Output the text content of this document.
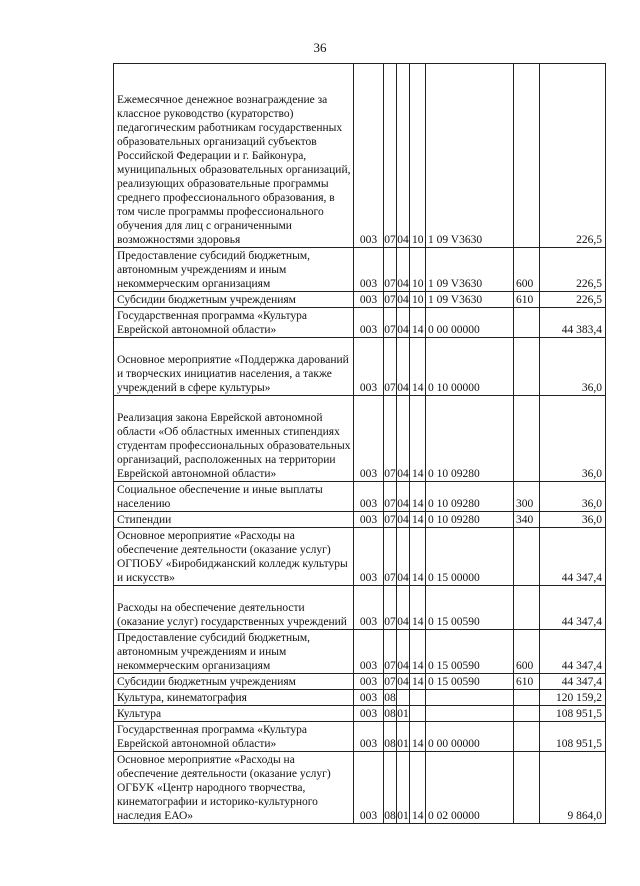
36
Ежемесячное денежное вознаграждение за классное руководство (кураторство) педагогическим работникам государственных образовательных организаций субъектов Российской Федерации и г. Байконура, муниципальных образовательных организаций, реализующих образовательные программы среднего профессионального образования, в том числе программы профессионального обучения для лиц с ограниченными возможностями здоровья	003	07	04	10	1 09 V3630		226,5
Предоставление субсидий бюджетным, автономным учреждениям и иным некоммерческим организациям	003	07	04	10	1 09 V3630	600	226,5
Субсидии бюджетным учреждениям	003	07	04	10	1 09 V3630	610	226,5
Государственная программа «Культура Еврейской автономной области»	003	07	04	14	0 00 00000		44 383,4
Основное мероприятие «Поддержка дарований и творческих инициатив населения, а также учреждений в сфере культуры»	003	07	04	14	0 10 00000		36,0
Реализация закона Еврейской автономной области «Об областных именных стипендиях студентам профессиональных образовательных организаций, расположенных на территории Еврейской автономной области»	003	07	04	14	0 10 09280		36,0
Социальное обеспечение и иные выплаты населению	003	07	04	14	0 10 09280	300	36,0
Стипендии	003	07	04	14	0 10 09280	340	36,0
Основное мероприятие «Расходы на обеспечение деятельности (оказание услуг) ОГПОБУ «Биробиджанский колледж культуры и искусств»	003	07	04	14	0 15 00000		44 347,4
Расходы на обеспечение деятельности (оказание услуг) государственных учреждений	003	07	04	14	0 15 00590		44 347,4
Предоставление субсидий бюджетным, автономным учреждениям и иным некоммерческим организациям	003	07	04	14	0 15 00590	600	44 347,4
Субсидии бюджетным учреждениям	003	07	04	14	0 15 00590	610	44 347,4
Культура, кинематография	003	08					120 159,2
Культура	003	08	01				108 951,5
Государственная программа «Культура Еврейской автономной области»	003	08	01	14	0 00 00000		108 951,5
Основное мероприятие «Расходы на обеспечение деятельности (оказание услуг) ОГБУК «Центр народного творчества, кинематографии и историко-культурного наследия ЕАО»	003	08	01	14	0 02 00000		9 864,0
